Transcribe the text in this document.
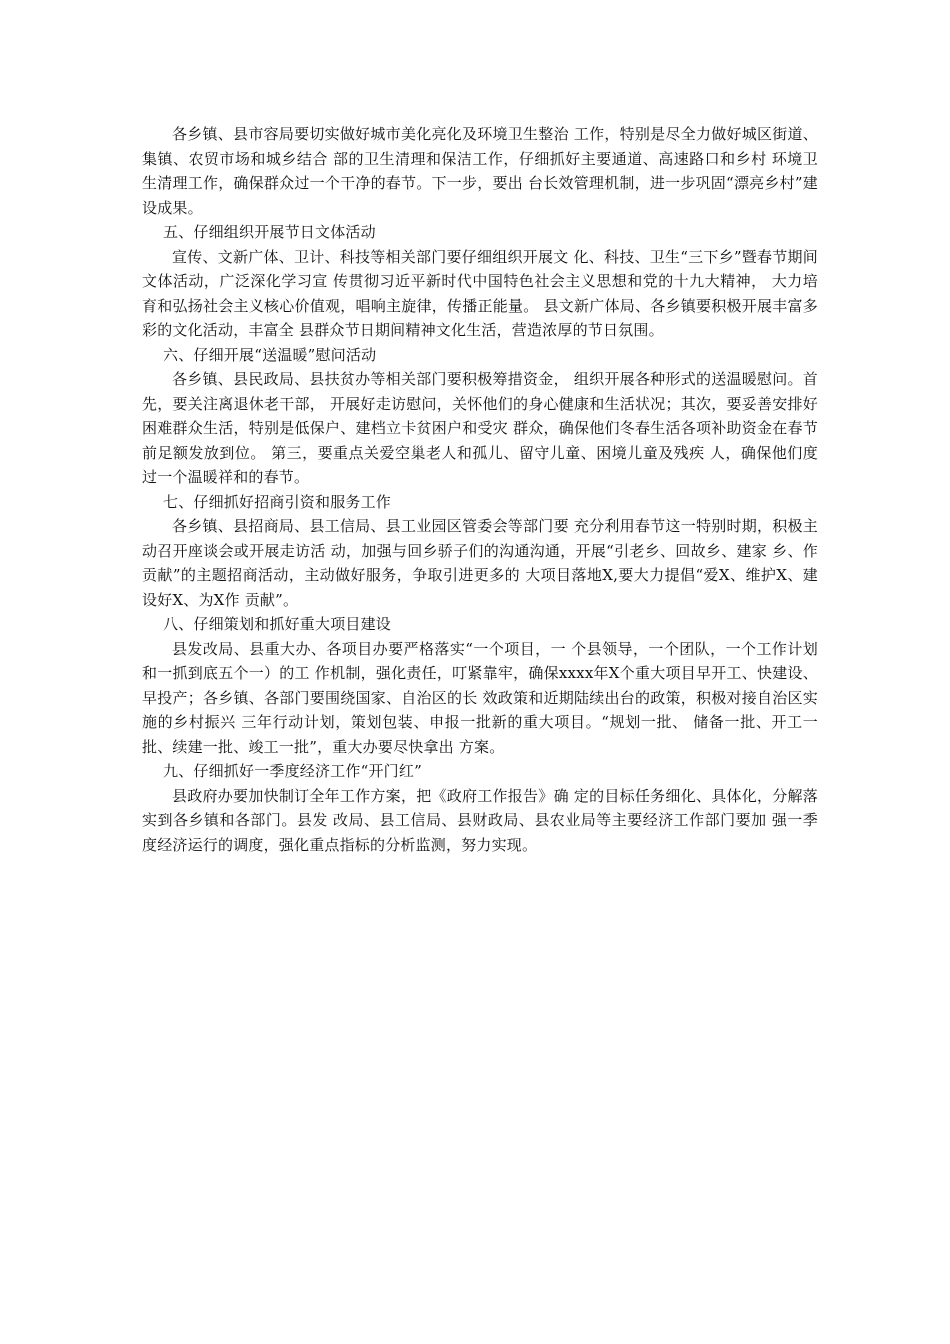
各乡镇、县市容局要切实做好城市美化亮化及环境卫生整治 工作，特别是尽全力做好城区街道、集镇、农贸市场和城乡结合 部的卫生清理和保洁工作，仔细抓好主要通道、高速路口和乡村 环境卫生清理工作，确保群众过一个干净的春节。下一步，要出 台长效管理机制，进一步巩固“漂亮乡村”建设成果。

五、仔细组织开展节日文体活动

宣传、文新广体、卫计、科技等相关部门要仔细组织开展文 化、科技、卫生“三下乡”暨春节期间文体活动，广泛深化学习宣 传贯彻习近平新时代中国特色社会主义思想和党的十九大精神， 大力培育和弘扬社会主义核心价值观，唱响主旋律，传播正能量。 县文新广体局、各乡镇要积极开展丰富多彩的文化活动，丰富全 县群众节日期间精神文化生活，营造浓厚的节日氛围。

六、仔细开展“送温暖”慰问活动

各乡镇、县民政局、县扶贫办等相关部门要积极筹措资金， 组织开展各种形式的送温暖慰问。首先，要关注离退休老干部， 开展好走访慰问，关怀他们的身心健康和生活状况；其次，要妥善安排好困难群众生活，特别是低保户、建档立卡贫困户和受灾 群众，确保他们冬春生活各项补助资金在春节前足额发放到位。 第三，要重点关爱空巢老人和孤儿、留守儿童、困境儿童及残疾 人，确保他们度过一个温暖祥和的春节。

七、仔细抓好招商引资和服务工作

各乡镇、县招商局、县工信局、县工业园区管委会等部门要 充分利用春节这一特别时期，积极主动召开座谈会或开展走访活 动，加强与回乡骄子们的沟通沟通，开展“引老乡、回故乡、建家 乡、作贡献”的主题招商活动，主动做好服务，争取引进更多的 大项目落地X,要大力提倡“爱X、维护X、建设好X、为X作 贡献”。

八、仔细策划和抓好重大项目建设

县发改局、县重大办、各项目办要严格落实“一个项目，一 个县领导，一个团队，一个工作计划和一抓到底五个一）的工 作机制，强化责任，叮紧靠牢，确保xxxx年X个重大项目早开工、快建设、早投产；各乡镇、各部门要围绕国家、自治区的长 效政策和近期陆续出台的政策，积极对接自治区实施的乡村振兴 三年行动计划，策划包装、申报一批新的重大项目。“规划一批、 储备一批、开工一批、续建一批、竣工一批”，重大办要尽快拿出 方案。

九、仔细抓好一季度经济工作“开门红”

县政府办要加快制订全年工作方案，把《政府工作报告》确 定的目标任务细化、具体化，分解落实到各乡镇和各部门。县发 改局、县工信局、县财政局、县农业局等主要经济工作部门要加 强一季度经济运行的调度，强化重点指标的分析监测，努力实现。
